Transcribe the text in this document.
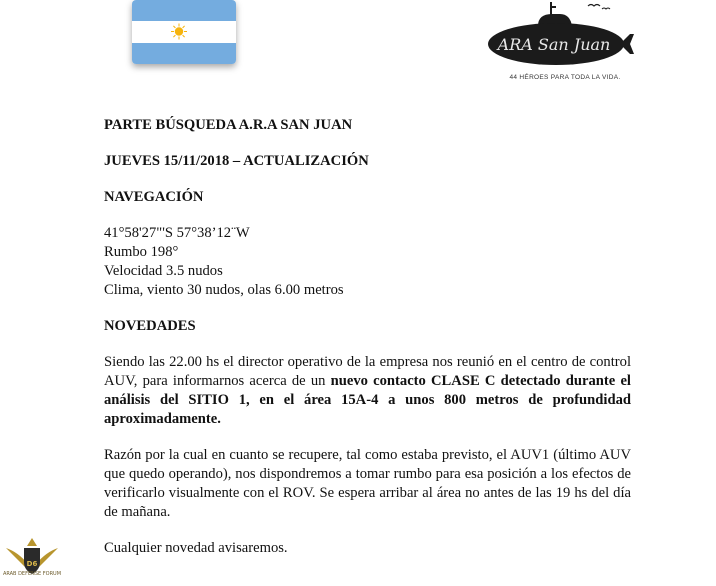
ARA San Juan
44 HÉROES PARA TODA LA VIDA.

PARTE BÚSQUEDA A.R.A SAN JUAN

JUEVES 15/11/2018 – ACTUALIZACIÓN

NAVEGACIÓN

41°58'27"'S 57°38’12¨W
Rumbo 198°
Velocidad 3.5 nudos
Clima, viento 30 nudos, olas 6.00 metros

NOVEDADES

Siendo las 22.00 hs el director operativo de la empresa nos reunió en el centro de control AUV, para informarnos acerca de un nuevo contacto CLASE C detectado durante el análisis del SITIO 1, en el área 15A-4 a unos 800 metros de profundidad aproximadamente.

Razón por la cual en cuanto se recupere, tal como estaba previsto, el AUV1 (último AUV que quedo operando), nos dispondremos a tomar rumbo para esa posición a los efectos de verificarlo visualmente con el ROV. Se espera arribar al área no antes de las 19 hs del día de mañana.

Cualquier novedad avisaremos.

D6
ARAB DEFENSE FORUM
